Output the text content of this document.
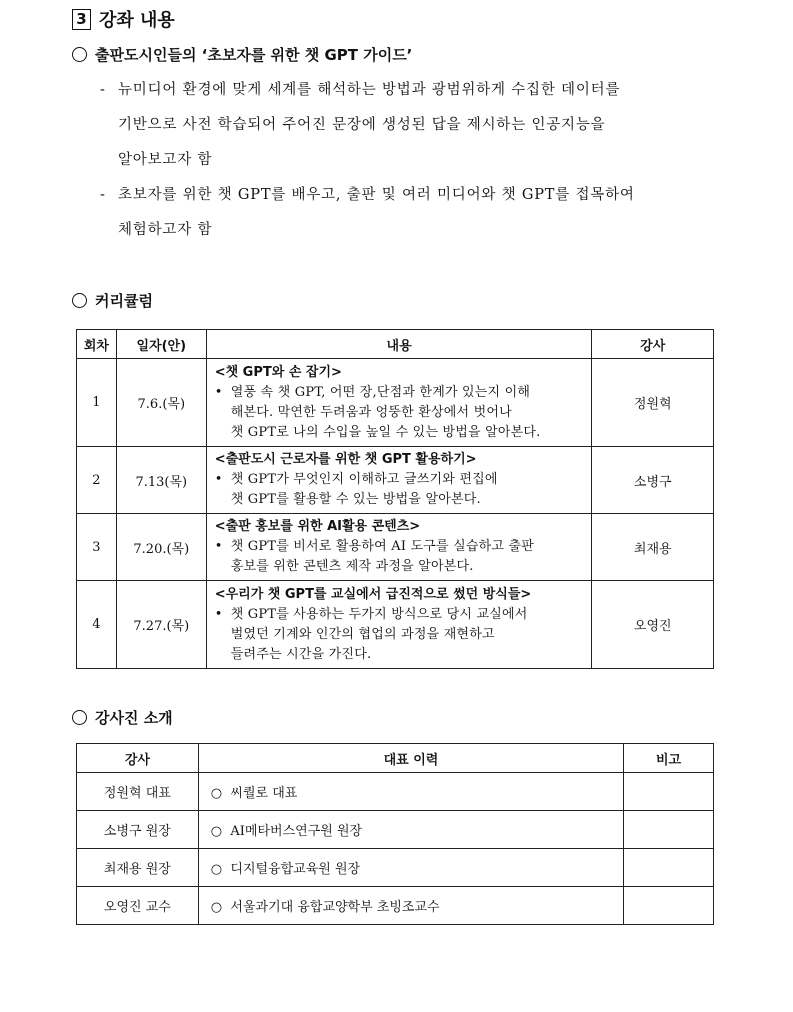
3 강좌 내용
출판도시인들의 ‘초보자를 위한 챗 GPT 가이드’
- 뉴미디어 환경에 맞게 세계를 해석하는 방법과 광범위하게 수집한 데이터를
기반으로 사전 학습되어 주어진 문장에 생성된 답을 제시하는 인공지능을
알아보고자 함
- 초보자를 위한 챗 GPT를 배우고, 출판 및 여러 미디어와 챗 GPT를 접목하여
체험하고자 함
커리큘럼
회차	일자(안)	내용	강사
1	7.6.(목)	<챗 GPT와 손 잡기>
• 열풍 속 챗 GPT, 어떤 장,단점과 한계가 있는지 이해
해본다. 막연한 두려움과 엉뚱한 환상에서 벗어나
챗 GPT로 나의 수입을 높일 수 있는 방법을 알아본다.	정원혁
2	7.13(목)	<출판도시 근로자를 위한 챗 GPT 활용하기>
• 챗 GPT가 무엇인지 이해하고 글쓰기와 편집에
챗 GPT를 활용할 수 있는 방법을 알아본다.	소병구
3	7.20.(목)	<출판 홍보를 위한 AI활용 콘텐츠>
• 챗 GPT를 비서로 활용하여 AI 도구를 실습하고 출판
홍보를 위한 콘텐츠 제작 과정을 알아본다.	최재용
4	7.27.(목)	<우리가 챗 GPT를 교실에서 급진적으로 썼던 방식들>
• 챗 GPT를 사용하는 두가지 방식으로 당시 교실에서
벌였던 기계와 인간의 협업의 과정을 재현하고
들려주는 시간을 가진다.	오영진
강사진 소개
강사	대표 이력	비고
정원혁 대표	○ 씨퀄로 대표	
소병구 원장	○ AI메타버스연구원 원장	
최재용 원장	○ 디지털융합교육원 원장	
오영진 교수	○ 서울과기대 융합교양학부 초빙조교수	
